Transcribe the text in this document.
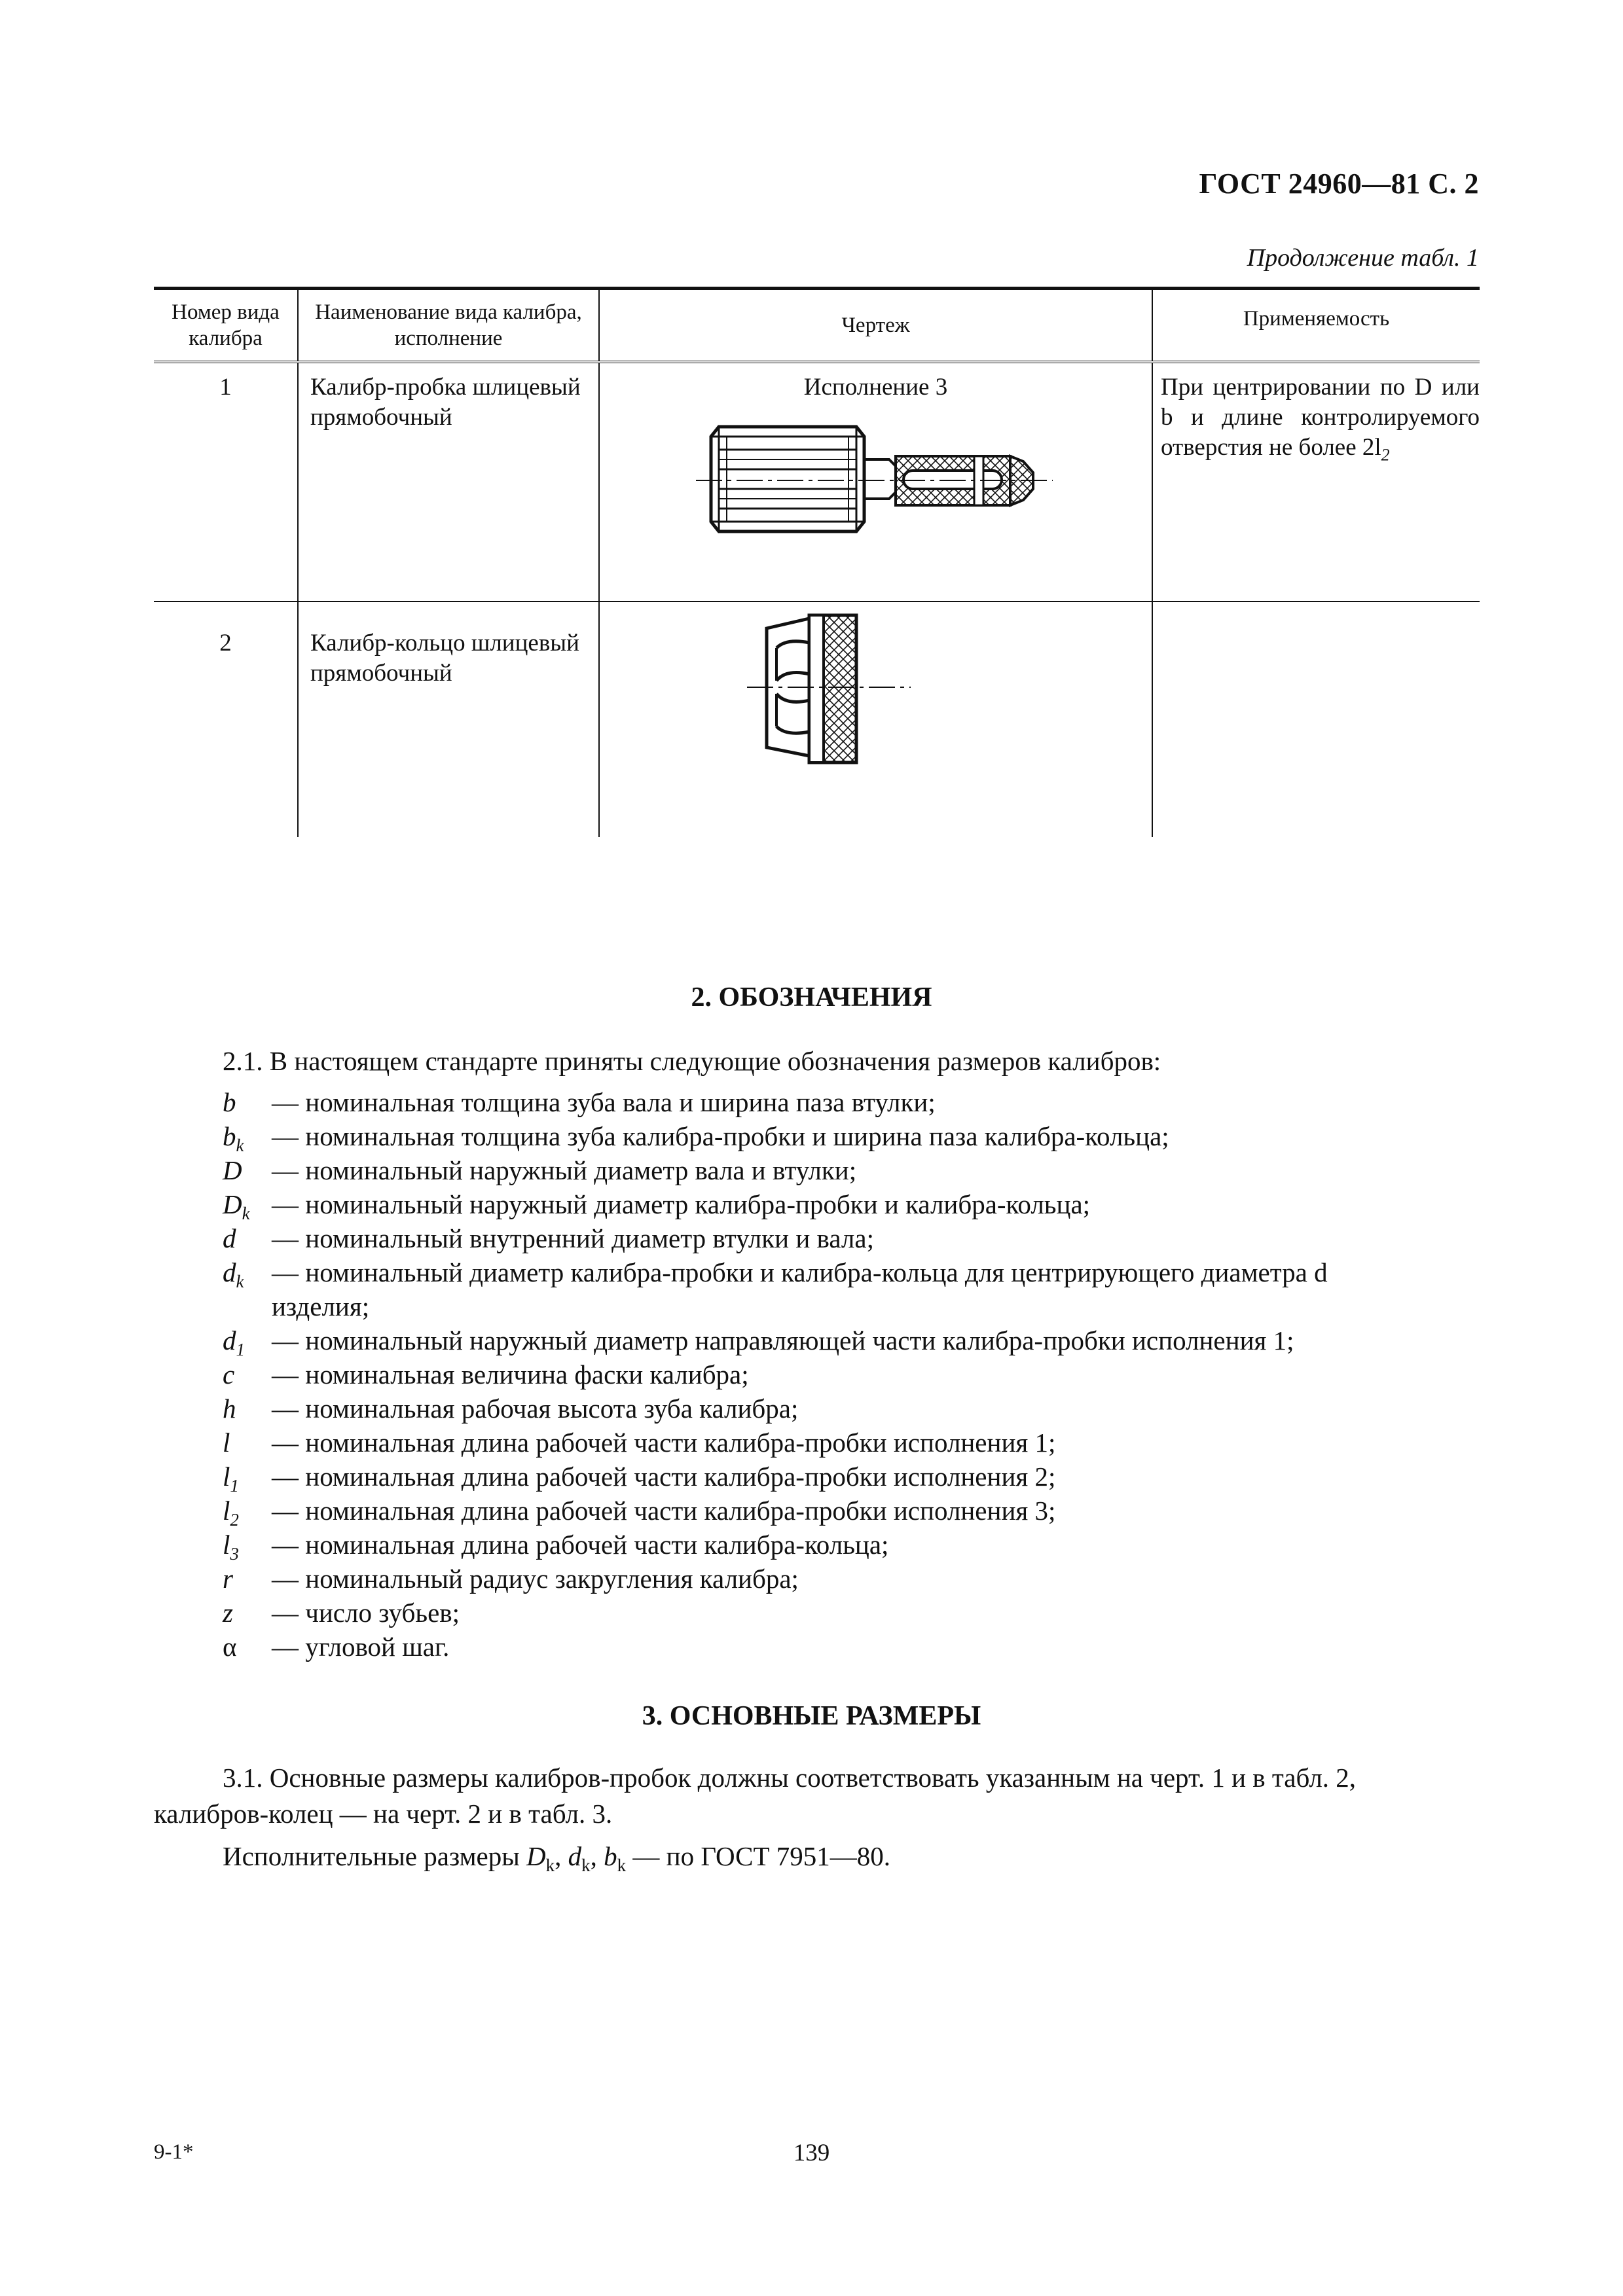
ГОСТ 24960—81 С. 2
Продолжение табл. 1
Номер вида калибра	Наименование вида калибра, исполнение	Чертеж	Применяемость
1	Калибр-пробка шлицевый прямобочный	Исполнение 3	При центрировании по D или b и длине контролируемого отверстия не более $2l_2$
2	Калибр-кольцо шлицевый прямобочный	

2. ОБОЗНАЧЕНИЯ
2.1. В настоящем стандарте приняты следующие обозначения размеров калибров:
b	— номинальная толщина зуба вала и ширина паза втулки;
$b_k$	— номинальная толщина зуба калибра-пробки и ширина паза калибра-кольца;
D	— номинальный наружный диаметр вала и втулки;
$D_k$ — номинальный наружный диаметр калибра-пробки и калибра-кольца;
d	— номинальный внутренний диаметр втулки и вала;
$d_k$	— номинальный диаметр калибра-пробки и калибра-кольца для центрирующего диаметра d
изделия;
$d_1$	— номинальный наружный диаметр направляющей части калибра-пробки исполнения 1;
c	— номинальная величина фаски калибра;
h	— номинальная рабочая высота зуба калибра;
l	— номинальная длина рабочей части калибра-пробки исполнения 1;
$l_1$	— номинальная длина рабочей части калибра-пробки исполнения 2;
$l_2$	— номинальная длина рабочей части калибра-пробки исполнения 3;
$l_3$	— номинальная длина рабочей части калибра-кольца;
r	— номинальный радиус закругления калибра;
z	— число зубьев;
α	— угловой шаг.
3. ОСНОВНЫЕ РАЗМЕРЫ
3.1. Основные размеры калибров-пробок должны соответствовать указанным на черт. 1 и в табл. 2,
калибров-колец — на черт. 2 и в табл. 3.
Исполнительные размеры $D_k$, $d_k$, $b_k$ — по ГОСТ 7951—80.
9-1*	139
